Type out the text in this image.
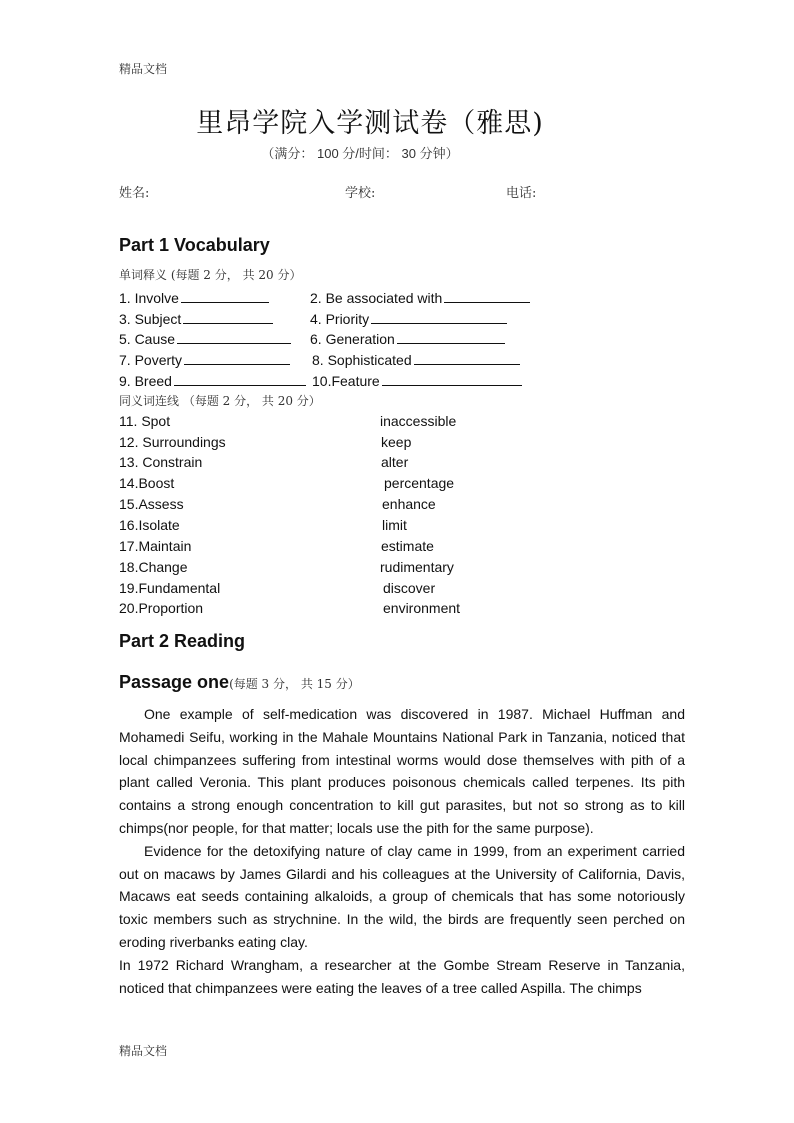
精品文档
里昂学院入学测试卷（雅思)
（满分： 100 分/时间： 30 分钟）
姓名:	学校:	电话:
Part 1 Vocabulary
单词释义 (每题 2 分， 共 20 分）
1. Involve	2. Be associated with
3. Subject	4. Priority
5. Cause	6. Generation
7. Poverty	8. Sophisticated
9. Breed	10.Feature
同义词连线 （每题 2 分， 共 20 分）
11. Spot	inaccessible
12. Surroundings	keep
13. Constrain	alter
14.Boost	percentage
15.Assess	enhance
16.Isolate	limit
17.Maintain	estimate
18.Change	rudimentary
19.Fundamental	discover
20.Proportion	environment
Part 2 Reading
Passage one(每题 3 分， 共 15 分）

One example of self-medication was discovered in 1987. Michael Huffman and Mohamedi Seifu, working in the Mahale Mountains National Park in Tanzania, noticed that local chimpanzees suffering from intestinal worms would dose themselves with pith of a plant called Veronia. This plant produces poisonous chemicals called terpenes. Its pith contains a strong enough concentration to kill gut parasites, but not so strong as to kill chimps(nor people, for that matter; locals use the pith for the same purpose).

Evidence for the detoxifying nature of clay came in 1999, from an experiment carried out on macaws by James Gilardi and his colleagues at the University of California, Davis, Macaws eat seeds containing alkaloids, a group of chemicals that has some notoriously toxic members such as strychnine. In the wild, the birds are frequently seen perched on eroding riverbanks eating clay.

In 1972 Richard Wrangham, a researcher at the Gombe Stream Reserve in Tanzania, noticed that chimpanzees were eating the leaves of a tree called Aspilla. The chimps

精品文档
